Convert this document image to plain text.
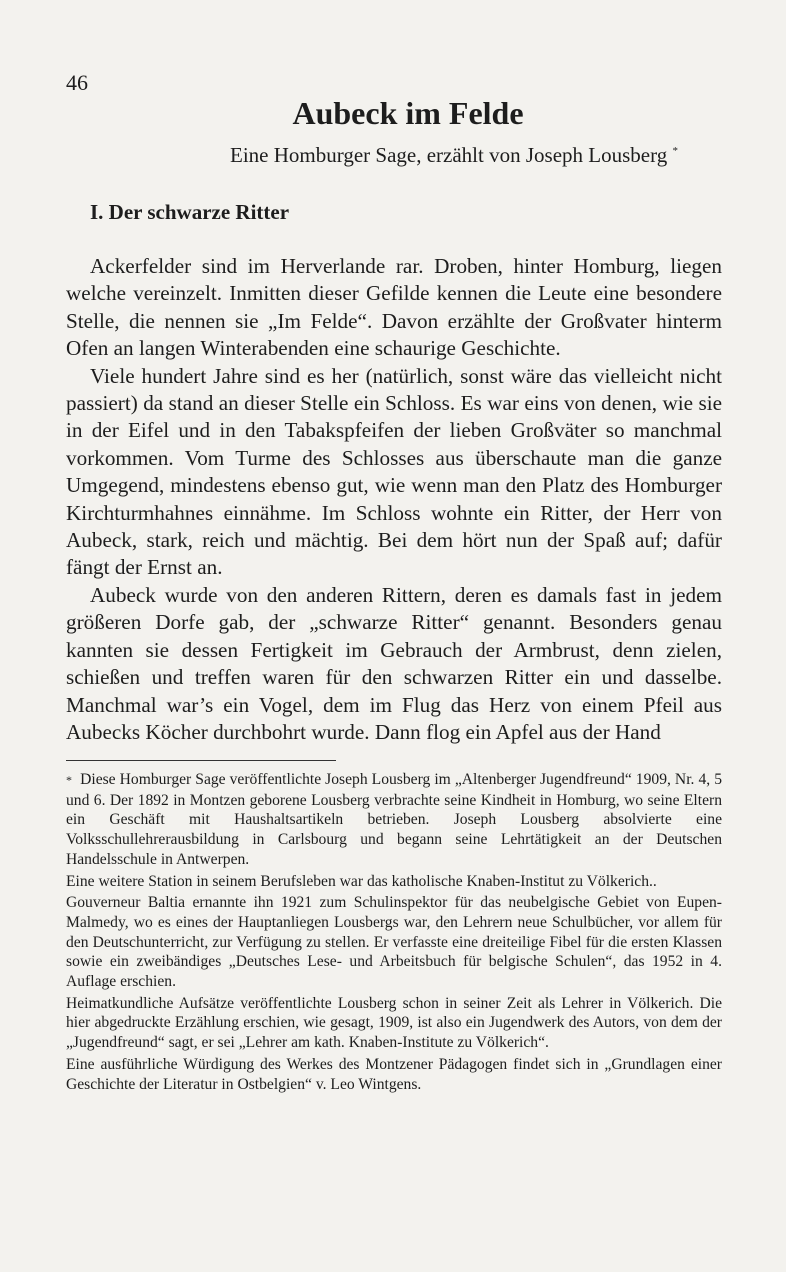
46
Aubeck im Felde
Eine Homburger Sage, erzählt von Joseph Lousberg *
I. Der schwarze Ritter

Ackerfelder sind im Herverlande rar. Droben, hinter Homburg, liegen welche vereinzelt. Inmitten dieser Gefilde kennen die Leute eine besondere Stelle, die nennen sie „Im Felde“. Davon erzählte der Großvater hinterm Ofen an langen Winterabenden eine schaurige Geschichte.

Viele hundert Jahre sind es her (natürlich, sonst wäre das vielleicht nicht passiert) da stand an dieser Stelle ein Schloss. Es war eins von denen, wie sie in der Eifel und in den Tabakspfeifen der lieben Großväter so manchmal vorkommen. Vom Turme des Schlosses aus überschaute man die ganze Umgegend, mindestens ebenso gut, wie wenn man den Platz des Homburger Kirchturmhahnes einnähme. Im Schloss wohnte ein Ritter, der Herr von Aubeck, stark, reich und mächtig. Bei dem hört nun der Spaß auf; dafür fängt der Ernst an.

Aubeck wurde von den anderen Rittern, deren es damals fast in jedem größeren Dorfe gab, der „schwarze Ritter“ genannt. Besonders genau kannten sie dessen Fertigkeit im Gebrauch der Armbrust, denn zielen, schießen und treffen waren für den schwarzen Ritter ein und dasselbe. Manchmal war’s ein Vogel, dem im Flug das Herz von einem Pfeil aus Aubecks Köcher durchbohrt wurde. Dann flog ein Apfel aus der Hand

* Diese Homburger Sage veröffentlichte Joseph Lousberg im „Altenberger Jugendfreund“ 1909, Nr. 4, 5 und 6. Der 1892 in Montzen geborene Lousberg verbrachte seine Kindheit in Homburg, wo seine Eltern ein Geschäft mit Haushaltsartikeln betrieben. Joseph Lousberg absolvierte eine Volksschullehrerausbildung in Carlsbourg und begann seine Lehrtätigkeit an der Deutschen Handelsschule in Antwerpen.

Eine weitere Station in seinem Berufsleben war das katholische Knaben-Institut zu Völkerich..

Gouverneur Baltia ernannte ihn 1921 zum Schulinspektor für das neubelgische Gebiet von Eupen-Malmedy, wo es eines der Hauptanliegen Lousbergs war, den Lehrern neue Schulbücher, vor allem für den Deutschunterricht, zur Verfügung zu stellen. Er verfasste eine dreiteilige Fibel für die ersten Klassen sowie ein zweibändiges „Deutsches Lese- und Arbeitsbuch für belgische Schulen“, das 1952 in 4. Auflage erschien.

Heimatkundliche Aufsätze veröffentlichte Lousberg schon in seiner Zeit als Lehrer in Völkerich. Die hier abgedruckte Erzählung erschien, wie gesagt, 1909, ist also ein Jugendwerk des Autors, von dem der „Jugendfreund“ sagt, er sei „Lehrer am kath. Knaben-Institute zu Völkerich“.

Eine ausführliche Würdigung des Werkes des Montzener Pädagogen findet sich in „Grundlagen einer Geschichte der Literatur in Ostbelgien“ v. Leo Wintgens.
